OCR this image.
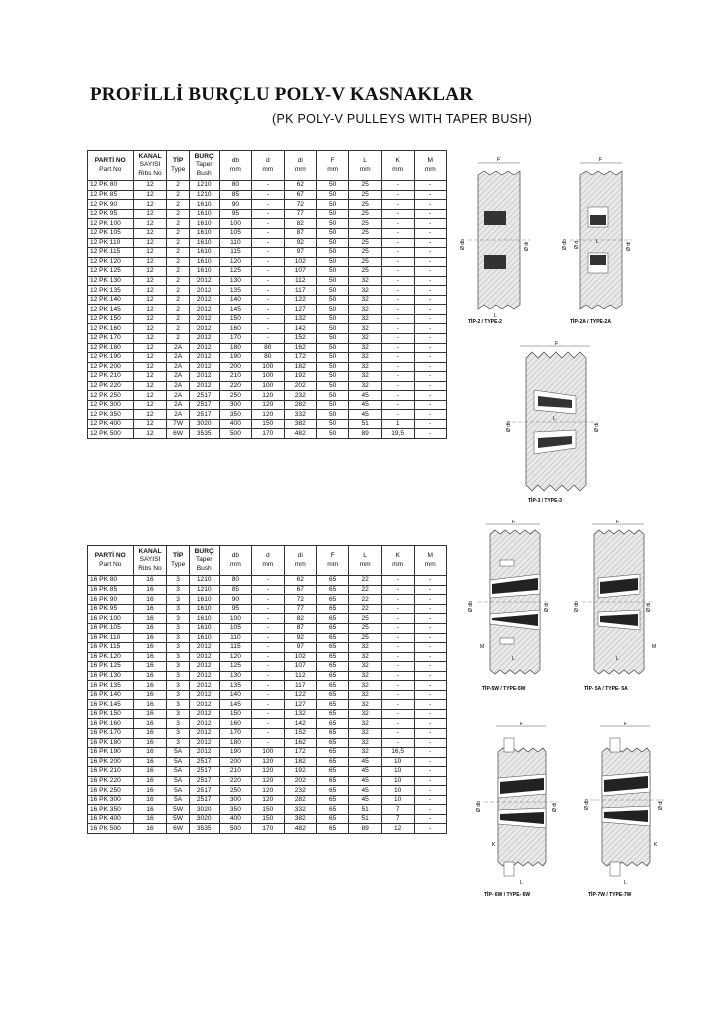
PROFİLLİ BURÇLU POLY-V KASNAKLAR
(PK POLY-V PULLEYS WITH TAPER BUSH)
PARTİ NO
Part No	KANAL
SAYISI
Ribs No	TİP
Type	BURÇ
Taper
Bush	db
mm	d
mm	di
mm	F
mm	L
mm	K
mm	M
mm
12 PK 80	12	2	1210	80	-	62	50	25	-	-
12 PK 85	12	2	1210	85	-	67	50	25	-	-
12 PK 90	12	2	1610	90	-	72	50	25	-	-
12 PK 95	12	2	1610	95	-	77	50	25	-	-
12 PK 100	12	2	1610	100	-	82	50	25	-	-
12 PK 105	12	2	1610	105	-	87	50	25	-	-
12 PK 110	12	2	1610	110	-	92	50	25	-	-
12 PK 115	12	2	1610	115	-	97	50	25	-	-
12 PK 120	12	2	1610	120	-	102	50	25	-	-
12 PK 125	12	2	1610	125	-	107	50	25	-	-
12 PK 130	12	2	2012	130	-	112	50	32	-	-
12 PK 135	12	2	2012	135	-	117	50	32	-	-
12 PK 140	12	2	2012	140	-	122	50	32	-	-
12 PK 145	12	2	2012	145	-	127	50	32	-	-
12 PK 150	12	2	2012	150	-	132	50	32	-	-
12 PK 160	12	2	2012	160	-	142	50	32	-	-
12 PK 170	12	2	2012	170	-	152	50	32	-	-
12 PK 180	12	2A	2012	180	80	162	50	32	-	-
12 PK 190	12	2A	2012	190	80	172	50	32	-	-
12 PK 200	12	2A	2012	200	100	182	50	32	-	-
12 PK 210	12	2A	2012	210	100	192	50	32	-	-
12 PK 220	12	2A	2012	220	100	202	50	32	-	-
12 PK 250	12	2A	2517	250	120	232	50	45	-	-
12 PK 300	12	2A	2517	300	120	282	50	45	-	-
12 PK 350	12	2A	2517	350	120	332	50	45	-	-
12 PK 400	12	7W	3020	400	150	382	50	51	1	-
12 PK 500	12	6W	3535	500	170	482	50	89	19,5	-
PARTİ NO
Part No	KANAL
SAYISI
Ribs No	TİP
Type	BURÇ
Taper
Bush	db
mm	d
mm	di
mm	F
mm	L
mm	K
mm	M
mm
16 PK 80	16	3	1210	80	-	62	65	22	-	-
16 PK 85	16	3	1210	85	-	67	65	22	-	-
16 PK 90	16	3	1610	90	-	72	65	22	-	-
16 PK 95	16	3	1610	95	-	77	65	22	-	-
16 PK 100	16	3	1610	100	-	82	65	25	-	-
16 PK 105	16	3	1610	105	-	87	65	25	-	-
16 PK 110	16	3	1610	110	-	92	65	25	-	-
16 PK 115	16	3	2012	115	-	97	65	32	-	-
16 PK 120	16	3	2012	120	-	102	65	32	-	-
16 PK 125	16	3	2012	125	-	107	65	32	-	-
16 PK 130	16	3	2012	130	-	112	65	32	-	-
16 PK 135	16	3	2012	135	-	117	65	32	-	-
16 PK 140	16	3	2012	140	-	122	65	32	-	-
16 PK 145	16	3	2012	145	-	127	65	32	-	-
16 PK 150	16	3	2012	150	-	132	65	32	-	-
16 PK 160	16	3	2012	160	-	142	65	32	-	-
16 PK 170	16	3	2012	170	-	152	65	32	-	-
16 PK 180	16	3	2012	180	-	162	65	32	-	-
16 PK 190	16	5A	2012	190	100	172	65	32	16,5	-
16 PK 200	16	5A	2517	200	120	182	65	45	10	-
16 PK 210	16	5A	2517	210	120	192	65	45	10	-
16 PK 220	16	5A	2517	220	120	202	65	45	10	-
16 PK 250	16	5A	2517	250	120	232	65	45	10	-
16 PK 300	16	5A	2517	300	120	282	65	45	10	-
16 PK 350	16	5W	3020	350	150	332	65	51	7	-
16 PK 400	16	5W	3020	400	150	382	65	51	7	-
16 PK 500	16	6W	3535	500	170	482	65	89	12	-
F
Ø db	Ø di
L
TİP-2 / TYPE-2
F
Ø db Ø d	Ø di
L
TİP-2A / TYPE-2A
F
Ø db	Ø di
L
TİP-3 / TYPE-3
F
Ø db	Ø di
M
L
TİP-5W / TYPE-5W
F
Ø db	Ø di
M
L
TİP- 5A / TYPE- 5A
F
Ø db	Ø di
K
L
TİP- 6W / TYPE- 6W
F
Ø db	Ø di
K
L
TİP-7W / TYPE-7W
